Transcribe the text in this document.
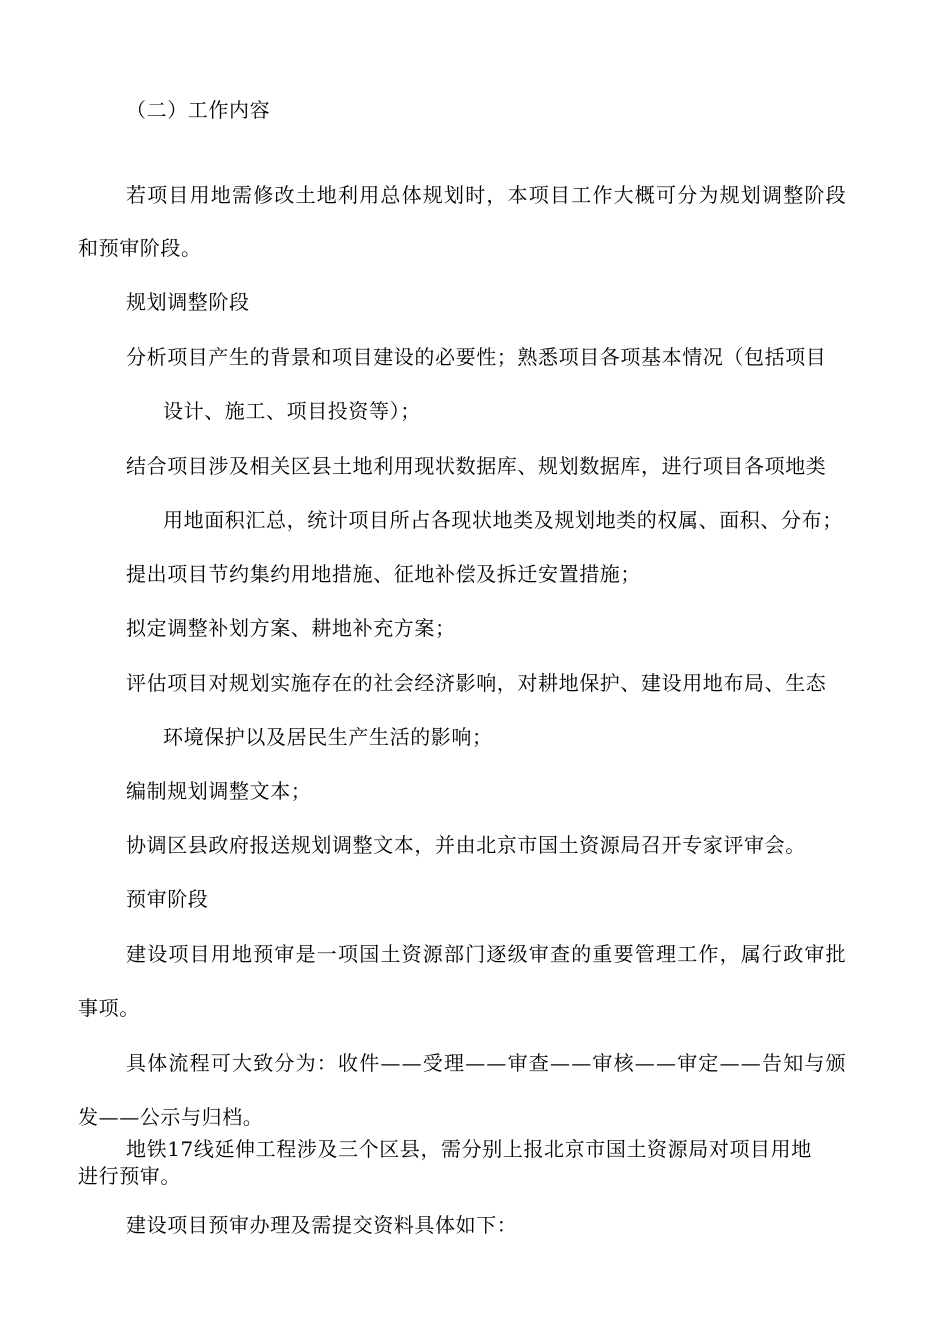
（二）工作内容
若项目用地需修改土地利用总体规划时，本项目工作大概可分为规划调整阶段
和预审阶段。
规划调整阶段
分析项目产生的背景和项目建设的必要性；熟悉项目各项基本情况（包括项目
设计、施工、项目投资等）；
结合项目涉及相关区县土地利用现状数据库、规划数据库，进行项目各项地类
用地面积汇总，统计项目所占各现状地类及规划地类的权属、面积、分布；
提出项目节约集约用地措施、征地补偿及拆迁安置措施；
拟定调整补划方案、耕地补充方案；
评估项目对规划实施存在的社会经济影响，对耕地保护、建设用地布局、生态
环境保护以及居民生产生活的影响；
编制规划调整文本；
协调区县政府报送规划调整文本，并由北京市国土资源局召开专家评审会。
预审阶段
建设项目用地预审是一项国土资源部门逐级审查的重要管理工作，属行政审批
事项。
具体流程可大致分为：收件——受理——审查——审核——审定——告知与颁
发——公示与归档。
地铁17线延伸工程涉及三个区县，需分别上报北京市国土资源局对项目用地
进行预审。
建设项目预审办理及需提交资料具体如下：
